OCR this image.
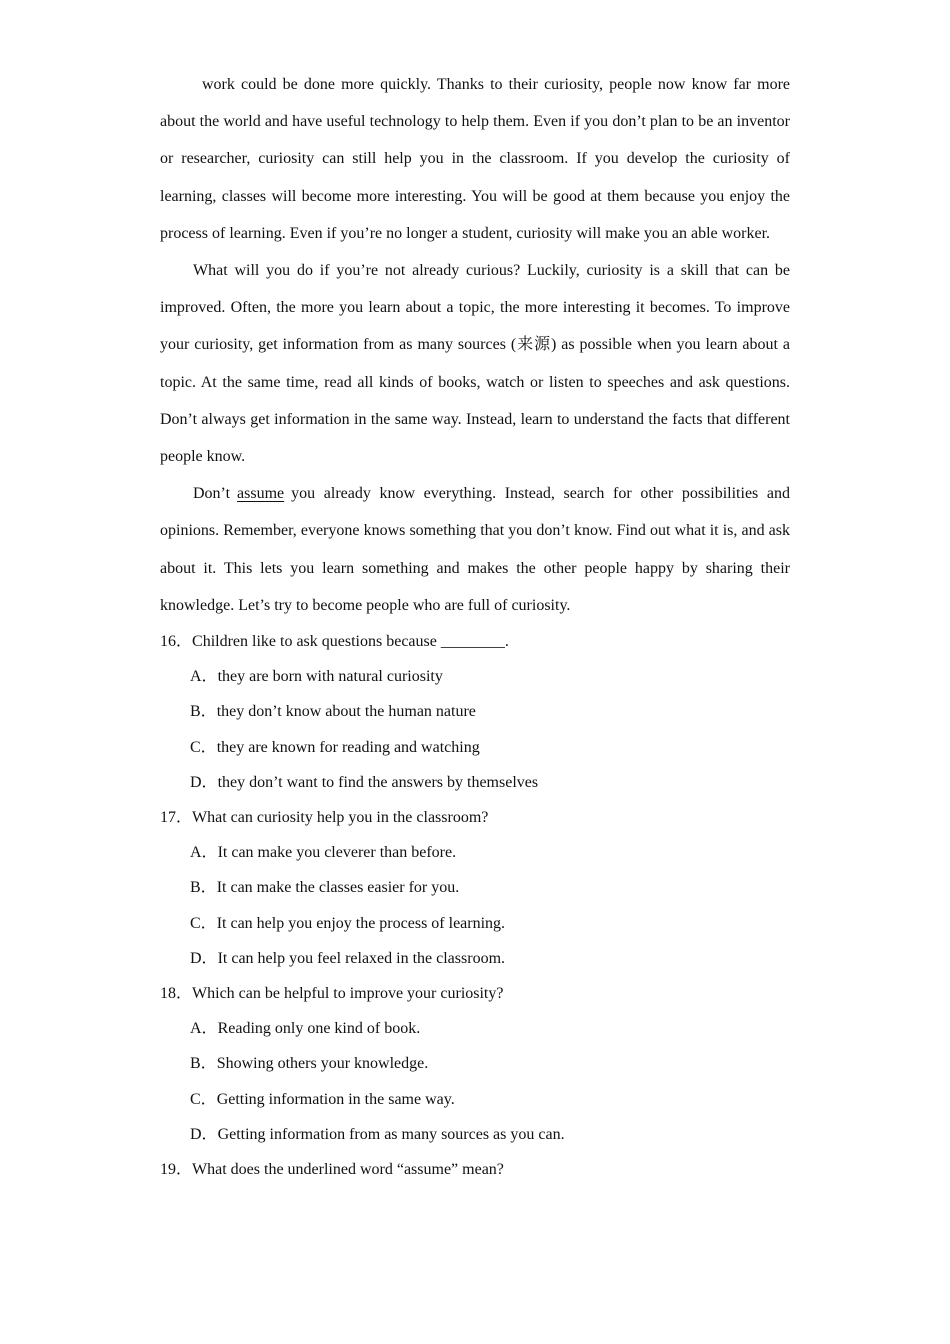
work could be done more quickly. Thanks to their curiosity, people now know far more about the world and have useful technology to help them. Even if you don’t plan to be an inventor or researcher, curiosity can still help you in the classroom. If you develop the curiosity of learning, classes will become more interesting. You will be good at them because you enjoy the process of learning. Even if you’re no longer a student, curiosity will make you an able worker.

What will you do if you’re not already curious? Luckily, curiosity is a skill that can be improved. Often, the more you learn about a topic, the more interesting it becomes. To improve your curiosity, get information from as many sources (来源) as possible when you learn about a topic. At the same time, read all kinds of books, watch or listen to speeches and ask questions. Don’t always get information in the same way. Instead, learn to understand the facts that different people know.

Don’t assume you already know everything. Instead, search for other possibilities and opinions. Remember, everyone knows something that you don’t know. Find out what it is, and ask about it. This lets you learn something and makes the other people happy by sharing their knowledge. Let’s try to become people who are full of curiosity.

16．Children like to ask questions because ________.

A．they are born with natural curiosity

B．they don’t know about the human nature

C．they are known for reading and watching

D．they don’t want to find the answers by themselves

17．What can curiosity help you in the classroom?

A．It can make you cleverer than before.

B．It can make the classes easier for you.

C．It can help you enjoy the process of learning.

D．It can help you feel relaxed in the classroom.

18．Which can be helpful to improve your curiosity?

A．Reading only one kind of book.

B．Showing others your knowledge.

C．Getting information in the same way.

D．Getting information from as many sources as you can.

19．What does the underlined word “assume” mean?
